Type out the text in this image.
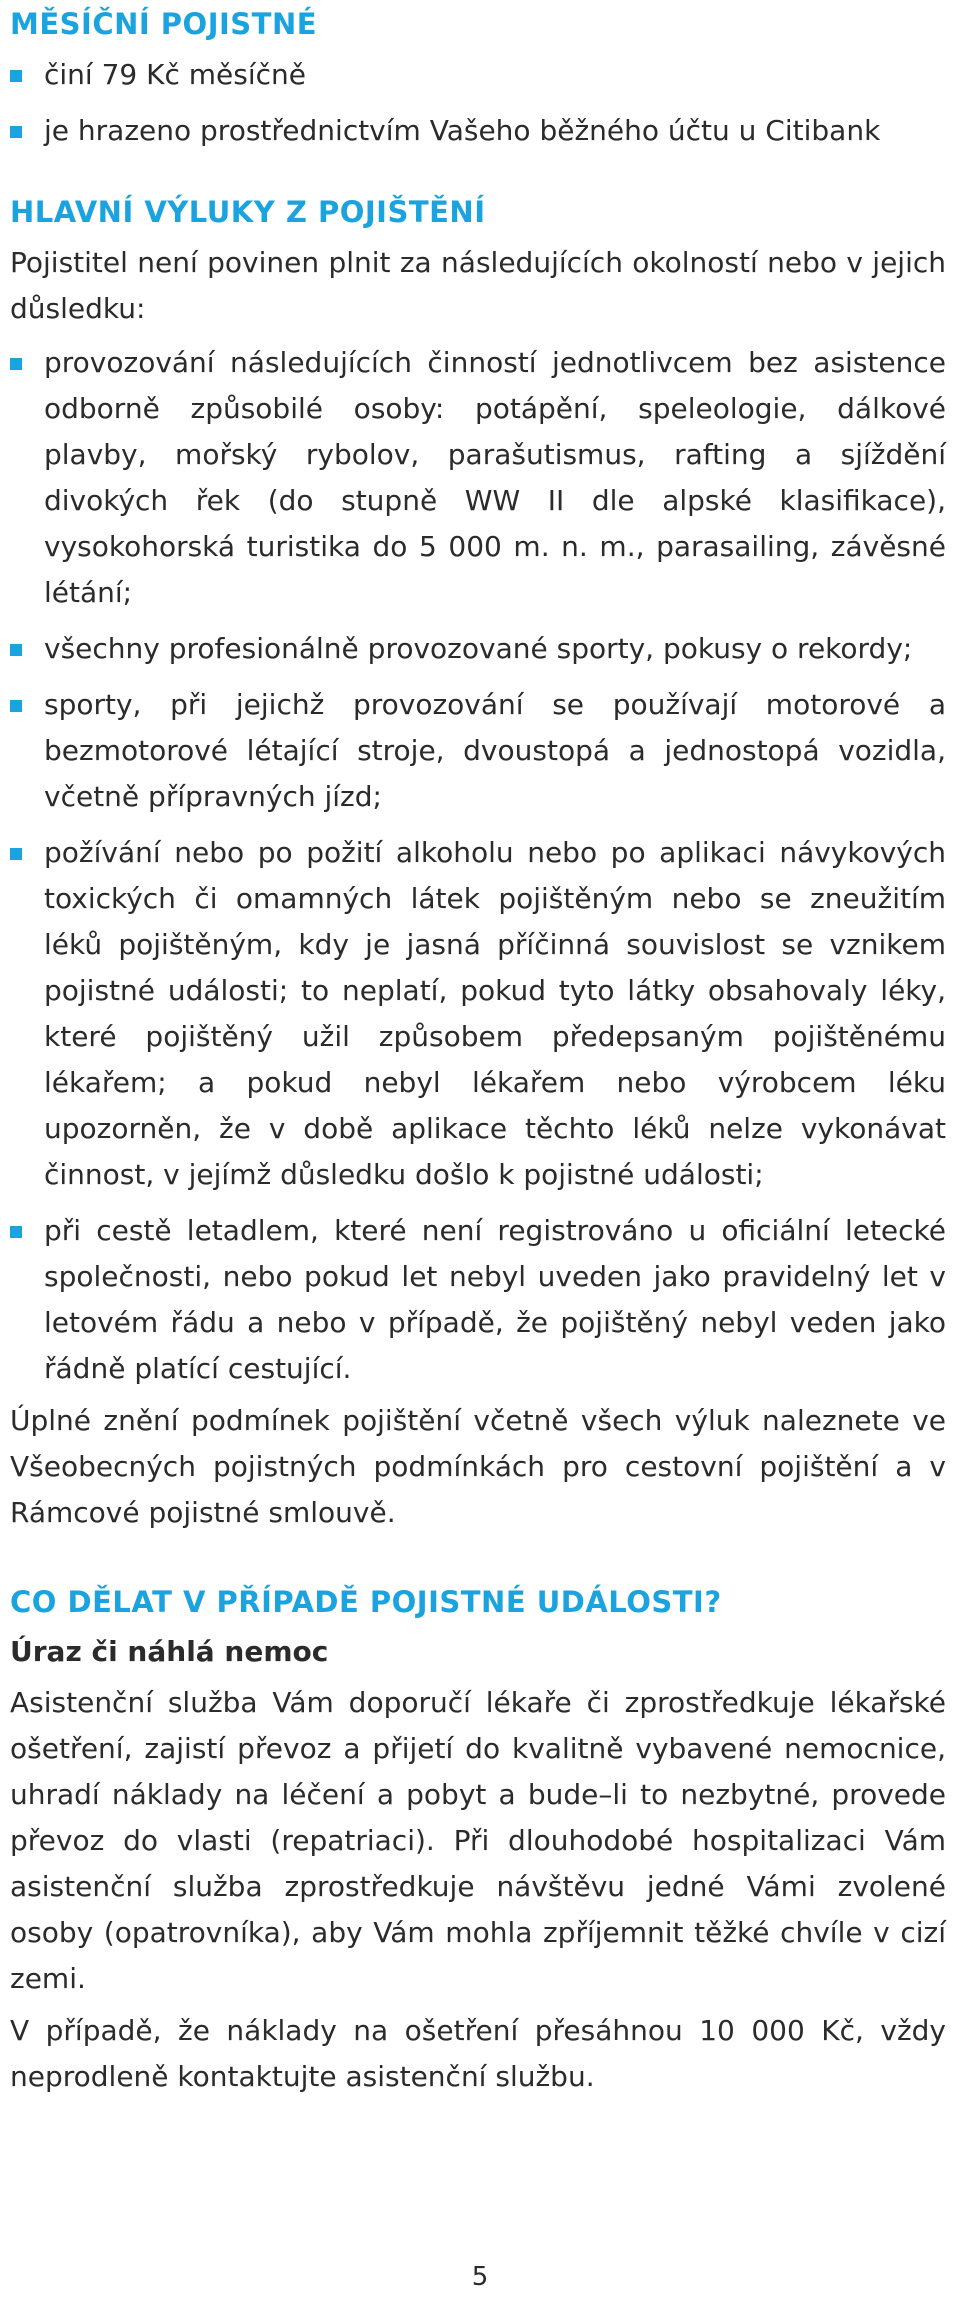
MĚSÍČNÍ POJISTNÉ
činí 79 Kč měsíčně
je hrazeno prostřednictvím Vašeho běžného účtu u Citibank
HLAVNÍ VÝLUKY Z POJIŠTĚNÍ

Pojistitel není povinen plnit za následujících okolností nebo v jejich důsledku:

provozování následujících činností jednotlivcem bez asistence odborně způsobilé osoby: potápění, speleologie, dálkové plavby, mořský rybolov, parašutismus, rafting a sjíždění divokých řek (do stupně WW II dle alpské klasifikace), vysokohorská turistika do 5 000 m. n. m., parasailing, závěsné létání;
všechny profesionálně provozované sporty, pokusy o rekordy;
sporty, při jejichž provozování se používají motorové a bezmotorové létající stroje, dvoustopá a jednostopá vozidla, včetně přípravných jízd;
požívání nebo po požití alkoholu nebo po aplikaci návykových toxických či omamných látek pojištěným nebo se zneužitím léků pojištěným, kdy je jasná příčinná souvislost se vznikem pojistné události; to neplatí, pokud tyto látky obsahovaly léky, které pojištěný užil způsobem předepsaným pojištěnému lékařem; a pokud nebyl lékařem nebo výrobcem léku upozorněn, že v době aplikace těchto léků nelze vykonávat činnost, v jejímž důsledku došlo k pojistné události;
při cestě letadlem, které není registrováno u oficiální letecké společnosti, nebo pokud let nebyl uveden jako pravidelný let v letovém řádu a nebo v případě, že pojištěný nebyl veden jako řádně platící cestující.

Úplné znění podmínek pojištění včetně všech výluk naleznete ve Všeobecných pojistných podmínkách pro cestovní pojištění a v Rámcové pojistné smlouvě.

CO DĚLAT V PŘÍPADĚ POJISTNÉ UDÁLOSTI?
Úraz či náhlá nemoc

Asistenční služba Vám doporučí lékaře či zprostředkuje lékařské ošetření, zajistí převoz a přijetí do kvalitně vybavené nemocnice, uhradí náklady na léčení a pobyt a bude–li to nezbytné, provede převoz do vlasti (repatriaci). Při dlouhodobé hospitalizaci Vám asistenční služba zprostředkuje návštěvu jedné Vámi zvolené osoby (opatrovníka), aby Vám mohla zpříjemnit těžké chvíle v cizí zemi.

V případě, že náklady na ošetření přesáhnou 10 000 Kč, vždy neprodleně kontaktujte asistenční službu.

5
